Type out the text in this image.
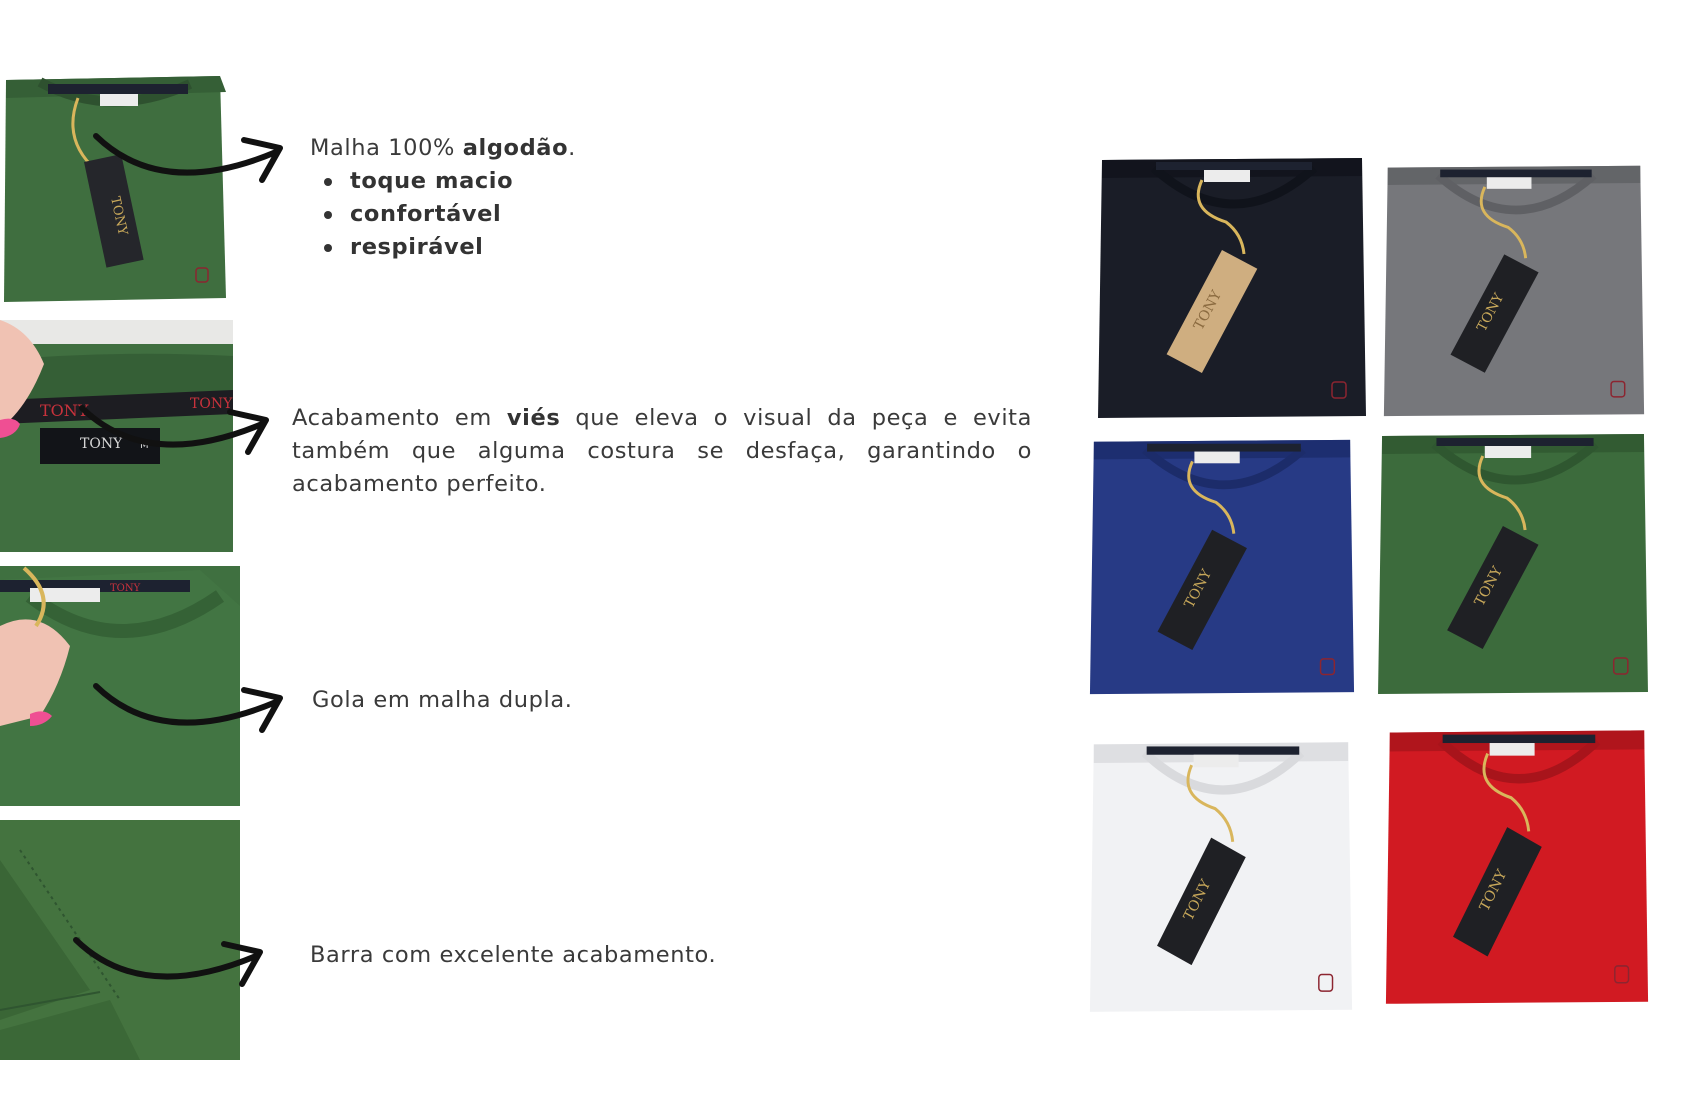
TONY
TONY	TONY
TONY M
TONY
Malha 100% algodão.
toque macio
confortável
respirável
Acabamento em viés que eleva o visual da peça e evita também que alguma costura se desfaça, garantindo o acabamento perfeito.
Gola em malha dupla.
Barra com excelente acabamento.
TONY	TONY
TONY	TONY
TONY	TONY
